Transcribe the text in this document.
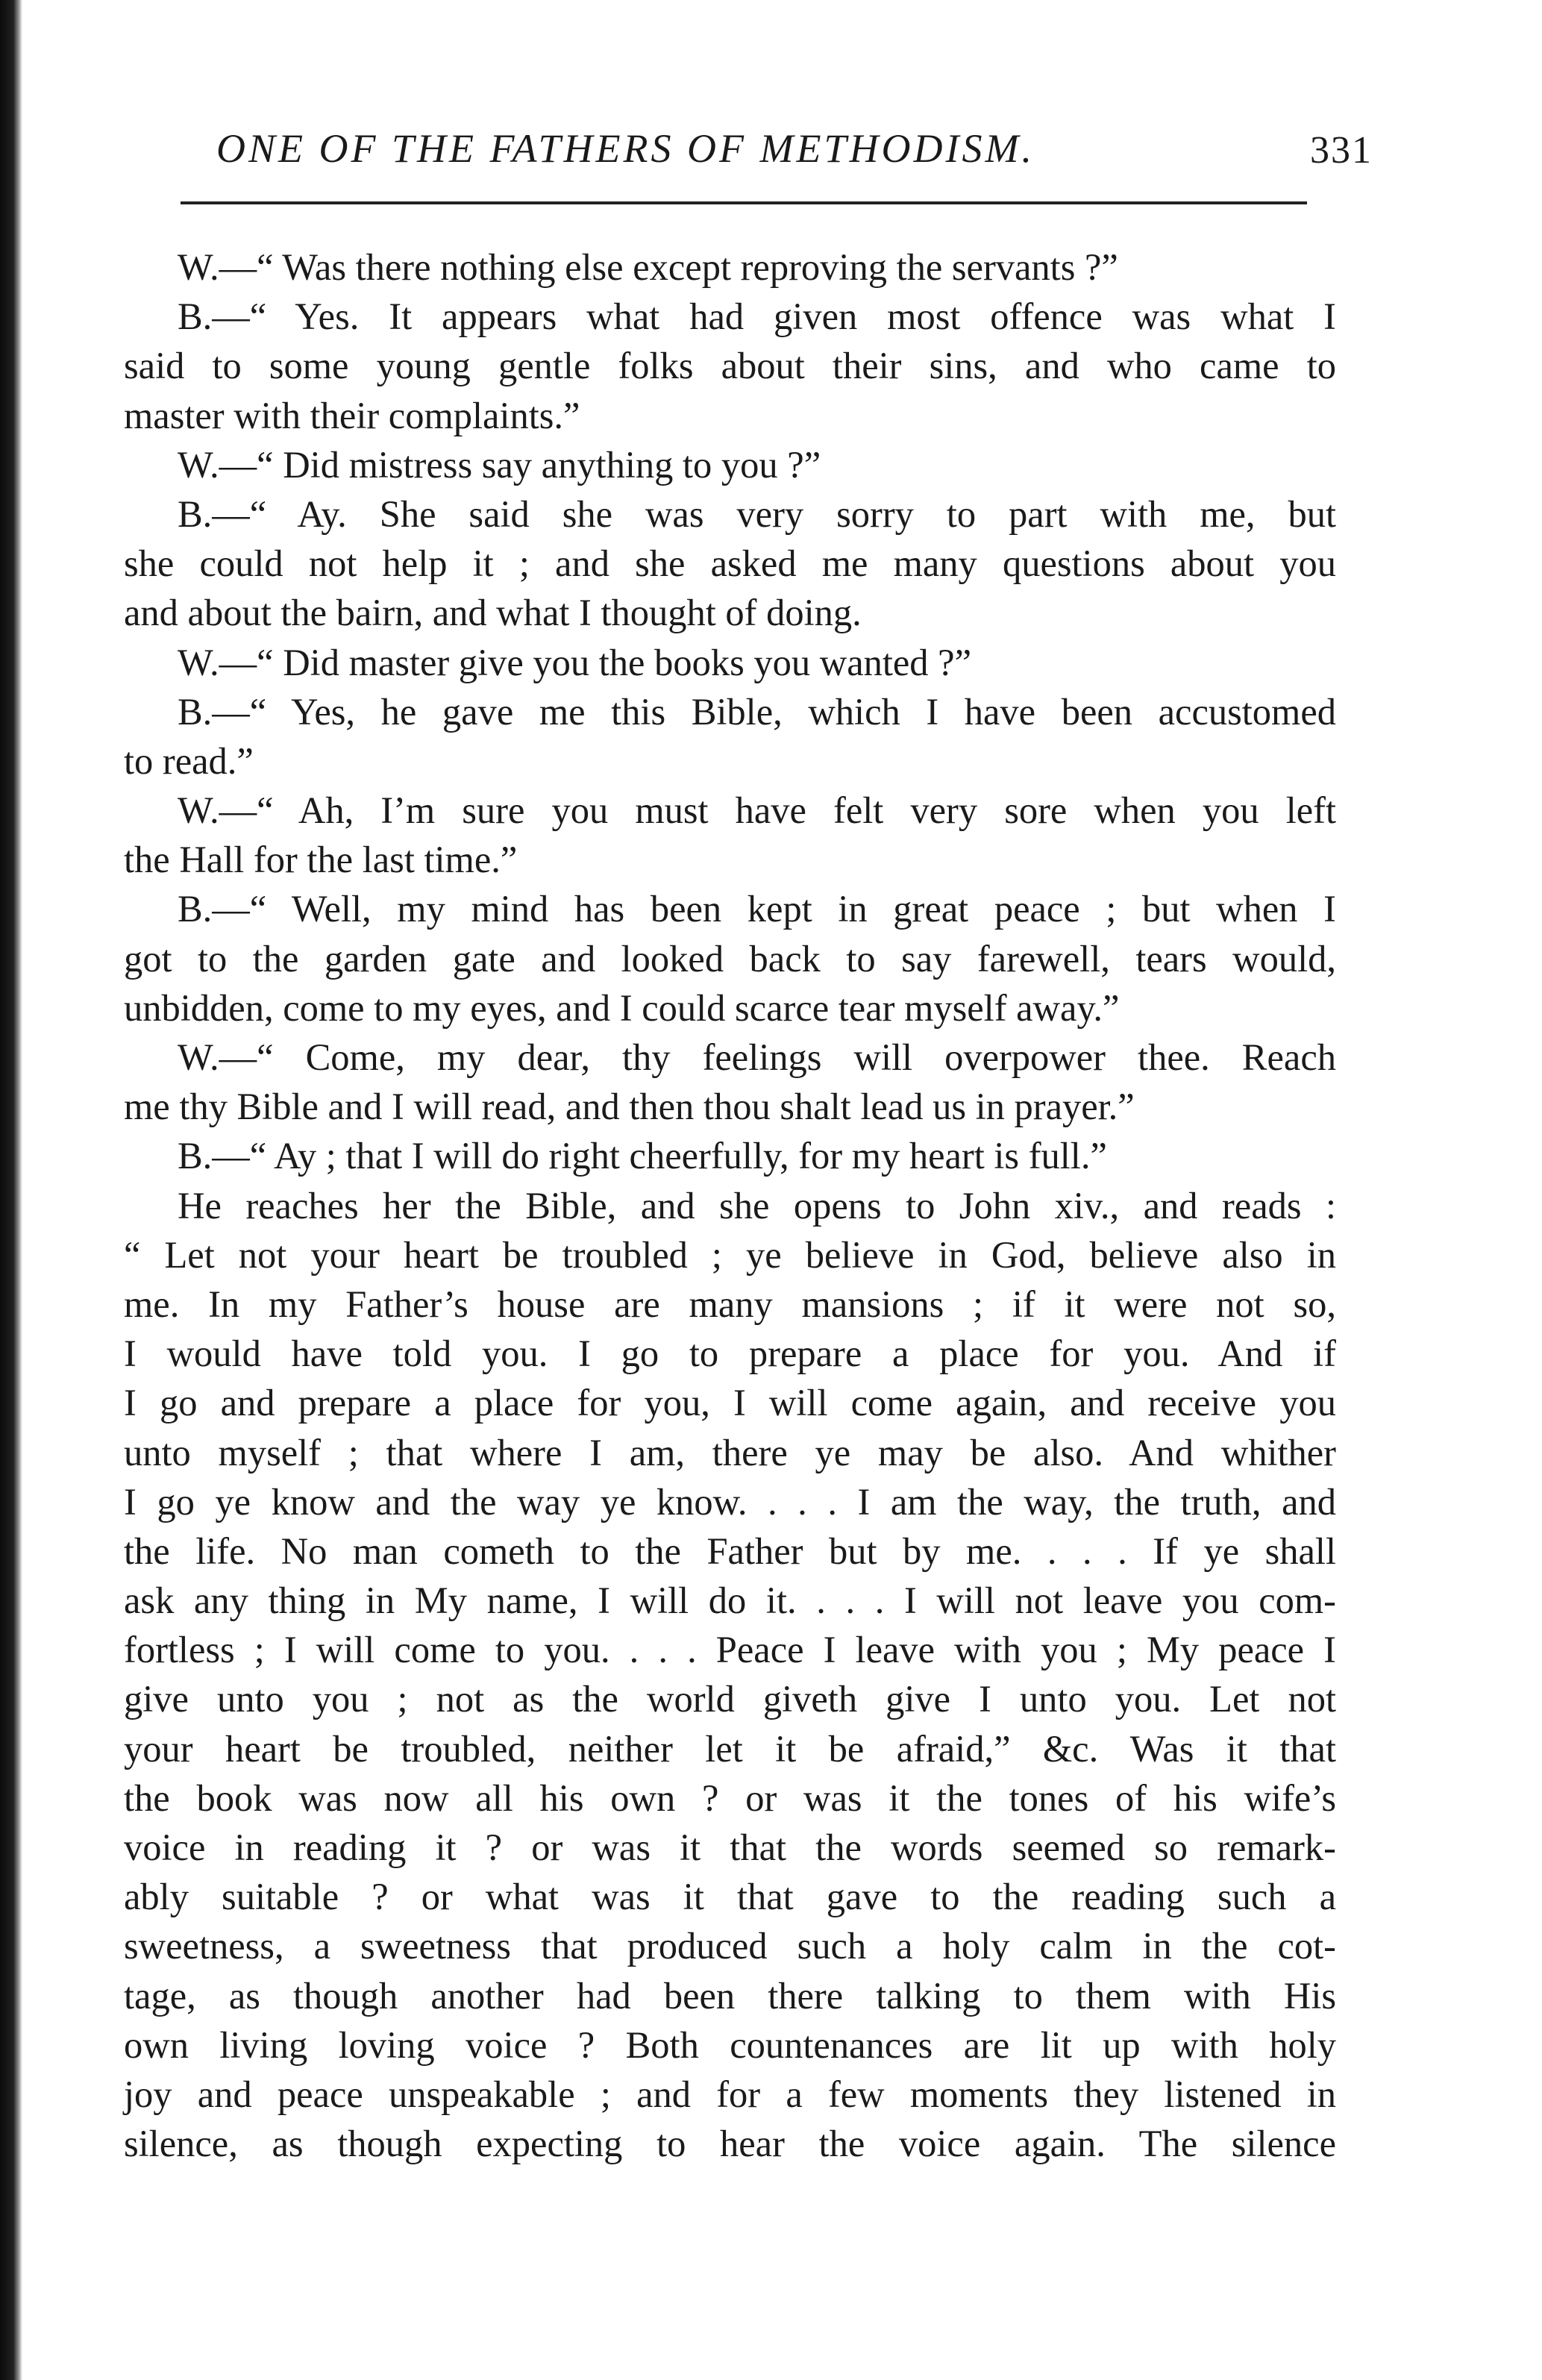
ONE OF THE FATHERS OF METHODISM.	331
W.—“ Was there nothing else except reproving the servants ?”
B.—“ Yes. It appears what had given most offence was what I
said to some young gentle folks about their sins, and who came to
master with their complaints.”
W.—“ Did mistress say anything to you ?”
B.—“ Ay. She said she was very sorry to part with me, but
she could not help it ; and she asked me many questions about you
and about the bairn, and what I thought of doing.
W.—“ Did master give you the books you wanted ?”
B.—“ Yes, he gave me this Bible, which I have been accustomed
to read.”
W.—“ Ah, I’m sure you must have felt very sore when you left
the Hall for the last time.”
B.—“ Well, my mind has been kept in great peace ; but when I
got to the garden gate and looked back to say farewell, tears would,
unbidden, come to my eyes, and I could scarce tear myself away.”
W.—“ Come, my dear, thy feelings will overpower thee. Reach
me thy Bible and I will read, and then thou shalt lead us in prayer.”
B.—“ Ay ; that I will do right cheerfully, for my heart is full.”
He reaches her the Bible, and she opens to John xiv., and reads :
“ Let not your heart be troubled ; ye believe in God, believe also in
me. In my Father’s house are many mansions ; if it were not so,
I would have told you. I go to prepare a place for you. And if
I go and prepare a place for you, I will come again, and receive you
unto myself ; that where I am, there ye may be also. And whither
I go ye know and the way ye know. . . . I am the way, the truth, and
the life. No man cometh to the Father but by me. . . . If ye shall
ask any thing in My name, I will do it. . . . I will not leave you com-
fortless ; I will come to you. . . . Peace I leave with you ; My peace I
give unto you ; not as the world giveth give I unto you. Let not
your heart be troubled, neither let it be afraid,” &c. Was it that
the book was now all his own ? or was it the tones of his wife’s
voice in reading it ? or was it that the words seemed so remark-
ably suitable ? or what was it that gave to the reading such a
sweetness, a sweetness that produced such a holy calm in the cot-
tage, as though another had been there talking to them with His
own living loving voice ? Both countenances are lit up with holy
joy and peace unspeakable ; and for a few moments they listened in
silence, as though expecting to hear the voice again. The silence
